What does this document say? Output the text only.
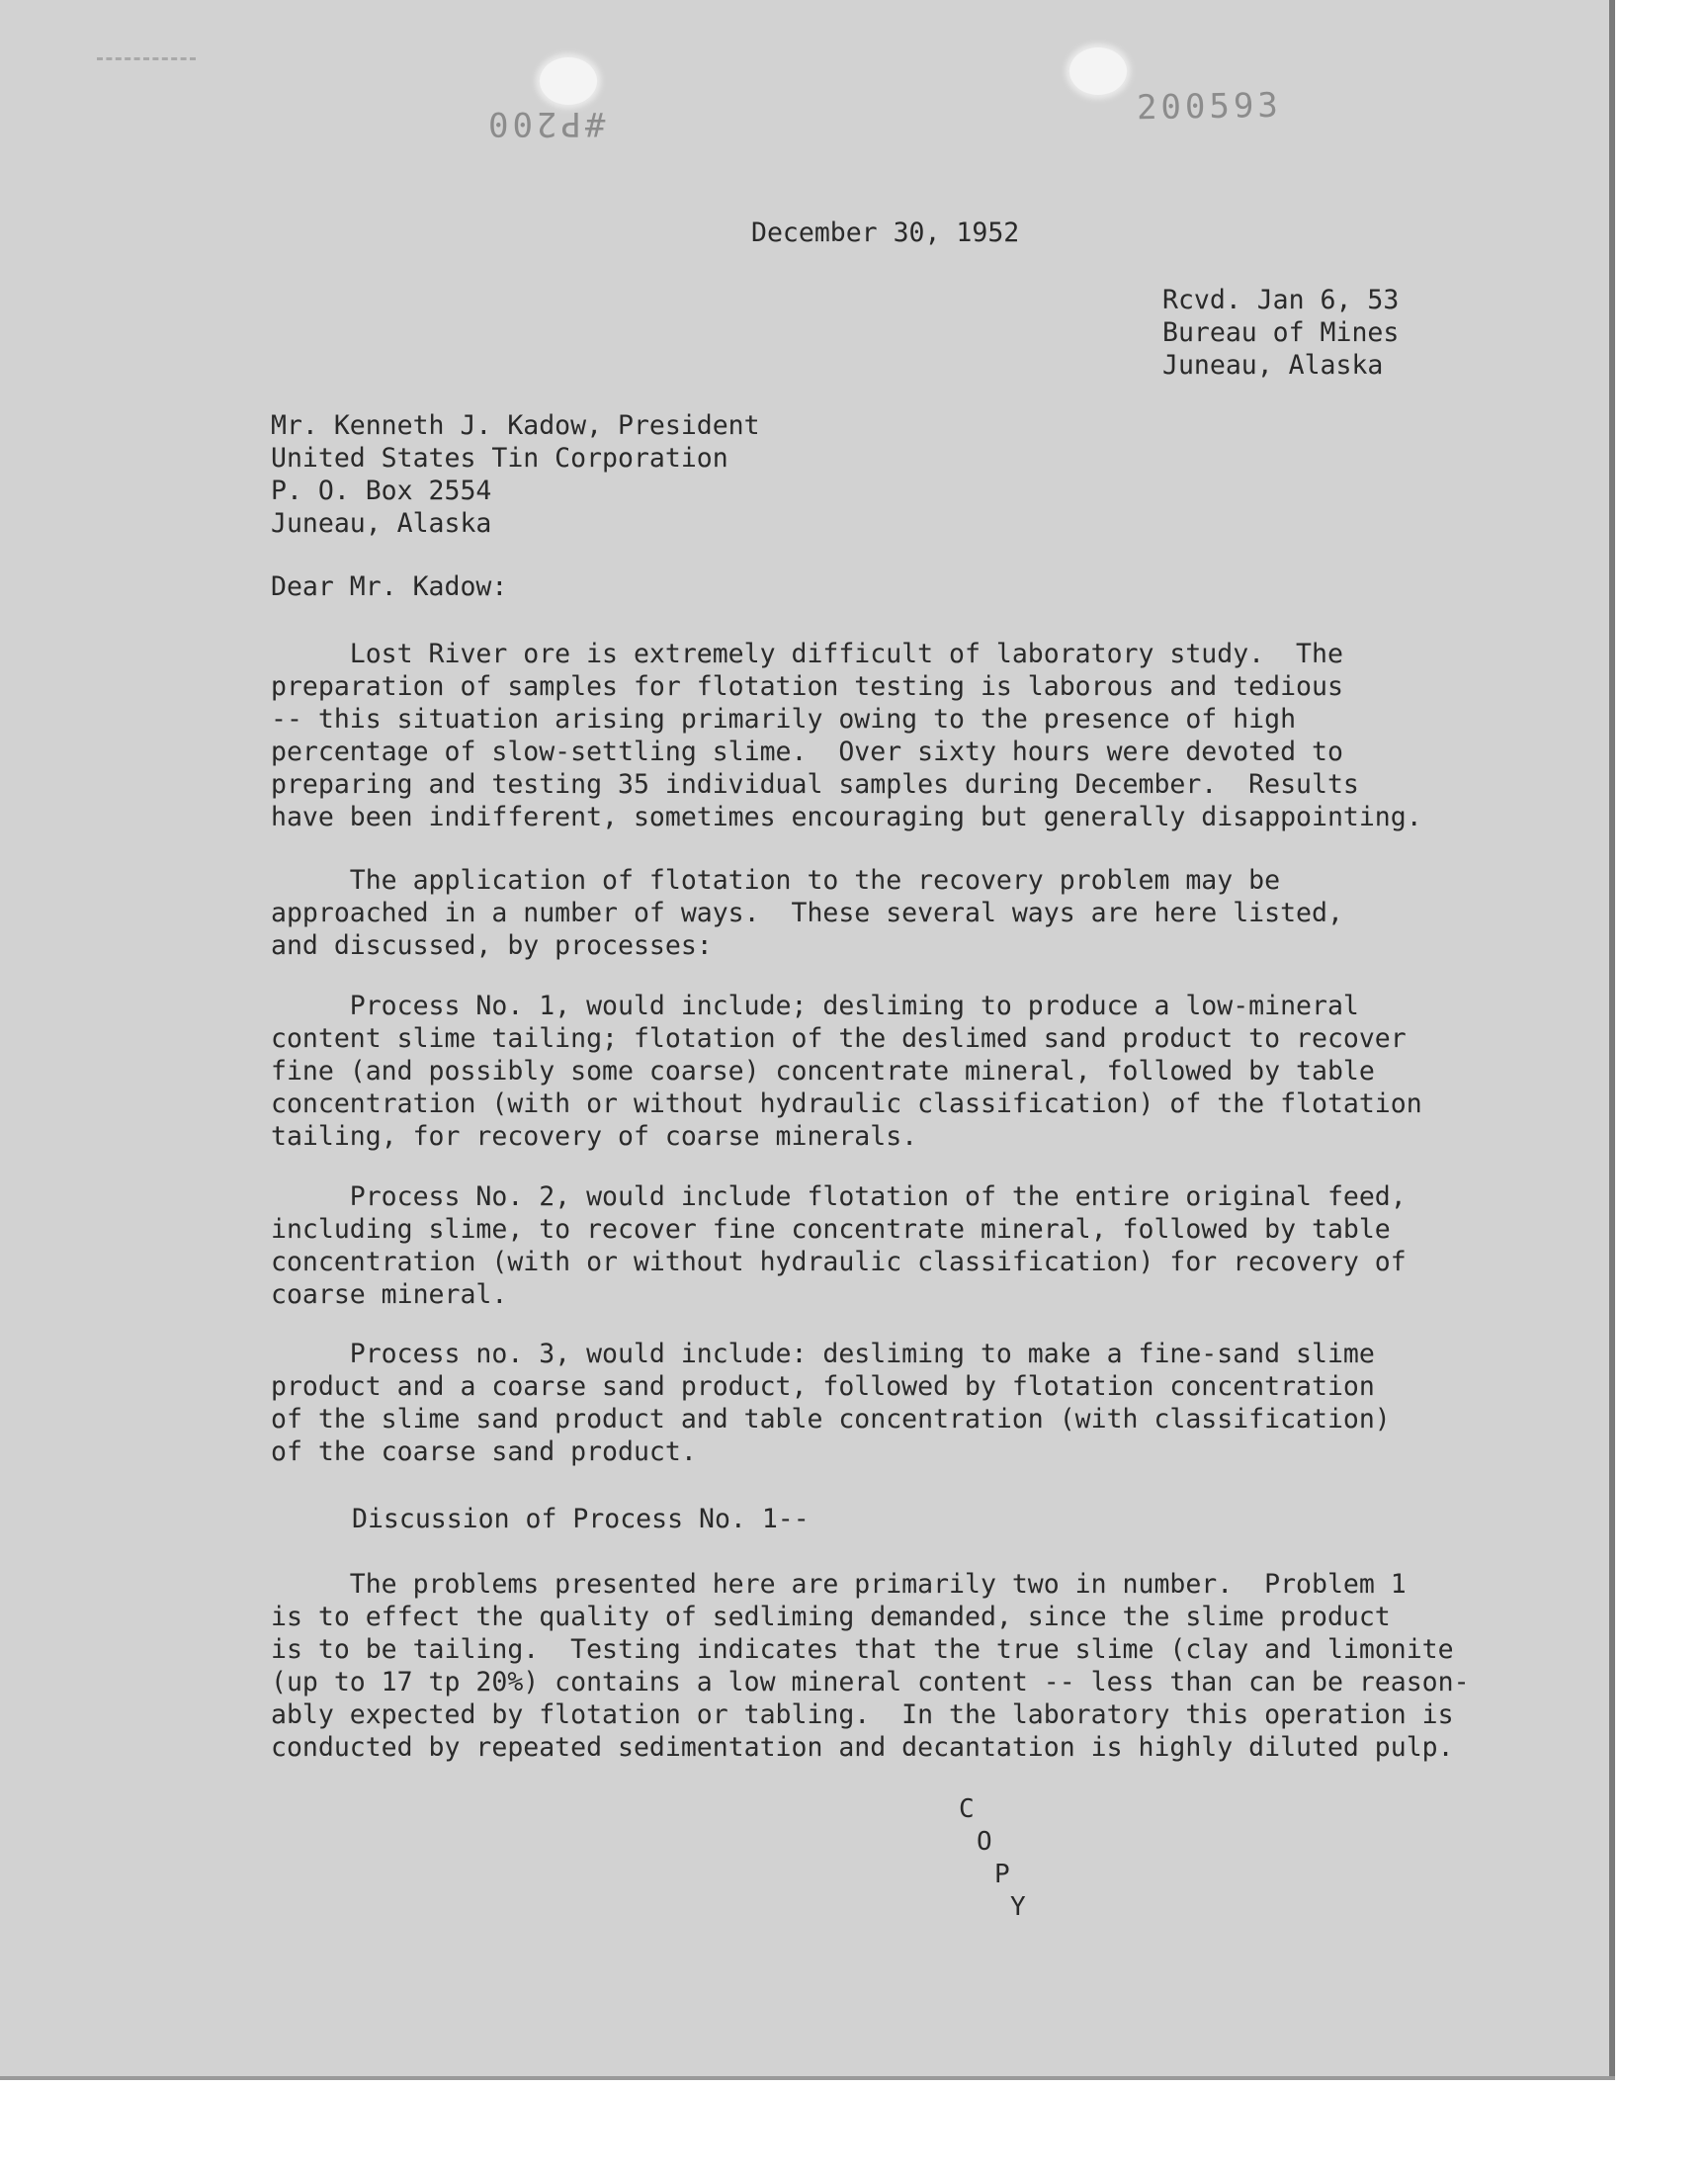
#P200	200593
December 30, 1952
Rcvd. Jan 6, 53
Bureau of Mines
Juneau, Alaska
Mr. Kenneth J. Kadow, President
United States Tin Corporation
P. O. Box 2554
Juneau, Alaska
Dear Mr. Kadow:
Lost River ore is extremely difficult of laboratory study.  The
preparation of samples for flotation testing is laborous and tedious
-- this situation arising primarily owing to the presence of high
percentage of slow-settling slime.  Over sixty hours were devoted to
preparing and testing 35 individual samples during December.  Results
have been indifferent, sometimes encouraging but generally disappointing.
The application of flotation to the recovery problem may be
approached in a number of ways.  These several ways are here listed,
and discussed, by processes:
Process No. 1, would include; desliming to produce a low-mineral
content slime tailing; flotation of the deslimed sand product to recover
fine (and possibly some coarse) concentrate mineral, followed by table
concentration (with or without hydraulic classification) of the flotation
tailing, for recovery of coarse minerals.
Process No. 2, would include flotation of the entire original feed,
including slime, to recover fine concentrate mineral, followed by table
concentration (with or without hydraulic classification) for recovery of
coarse mineral.
Process no. 3, would include: desliming to make a fine-sand slime
product and a coarse sand product, followed by flotation concentration
of the slime sand product and table concentration (with classification)
of the coarse sand product.
Discussion of Process No. 1--
The problems presented here are primarily two in number.  Problem 1
is to effect the quality of sedliming demanded, since the slime product
is to be tailing.  Testing indicates that the true slime (clay and limonite
(up to 17 tp 20%) contains a low mineral content -- less than can be reason-
ably expected by flotation or tabling.  In the laboratory this operation is
conducted by repeated sedimentation and decantation is highly diluted pulp.
C
O
P
Y
